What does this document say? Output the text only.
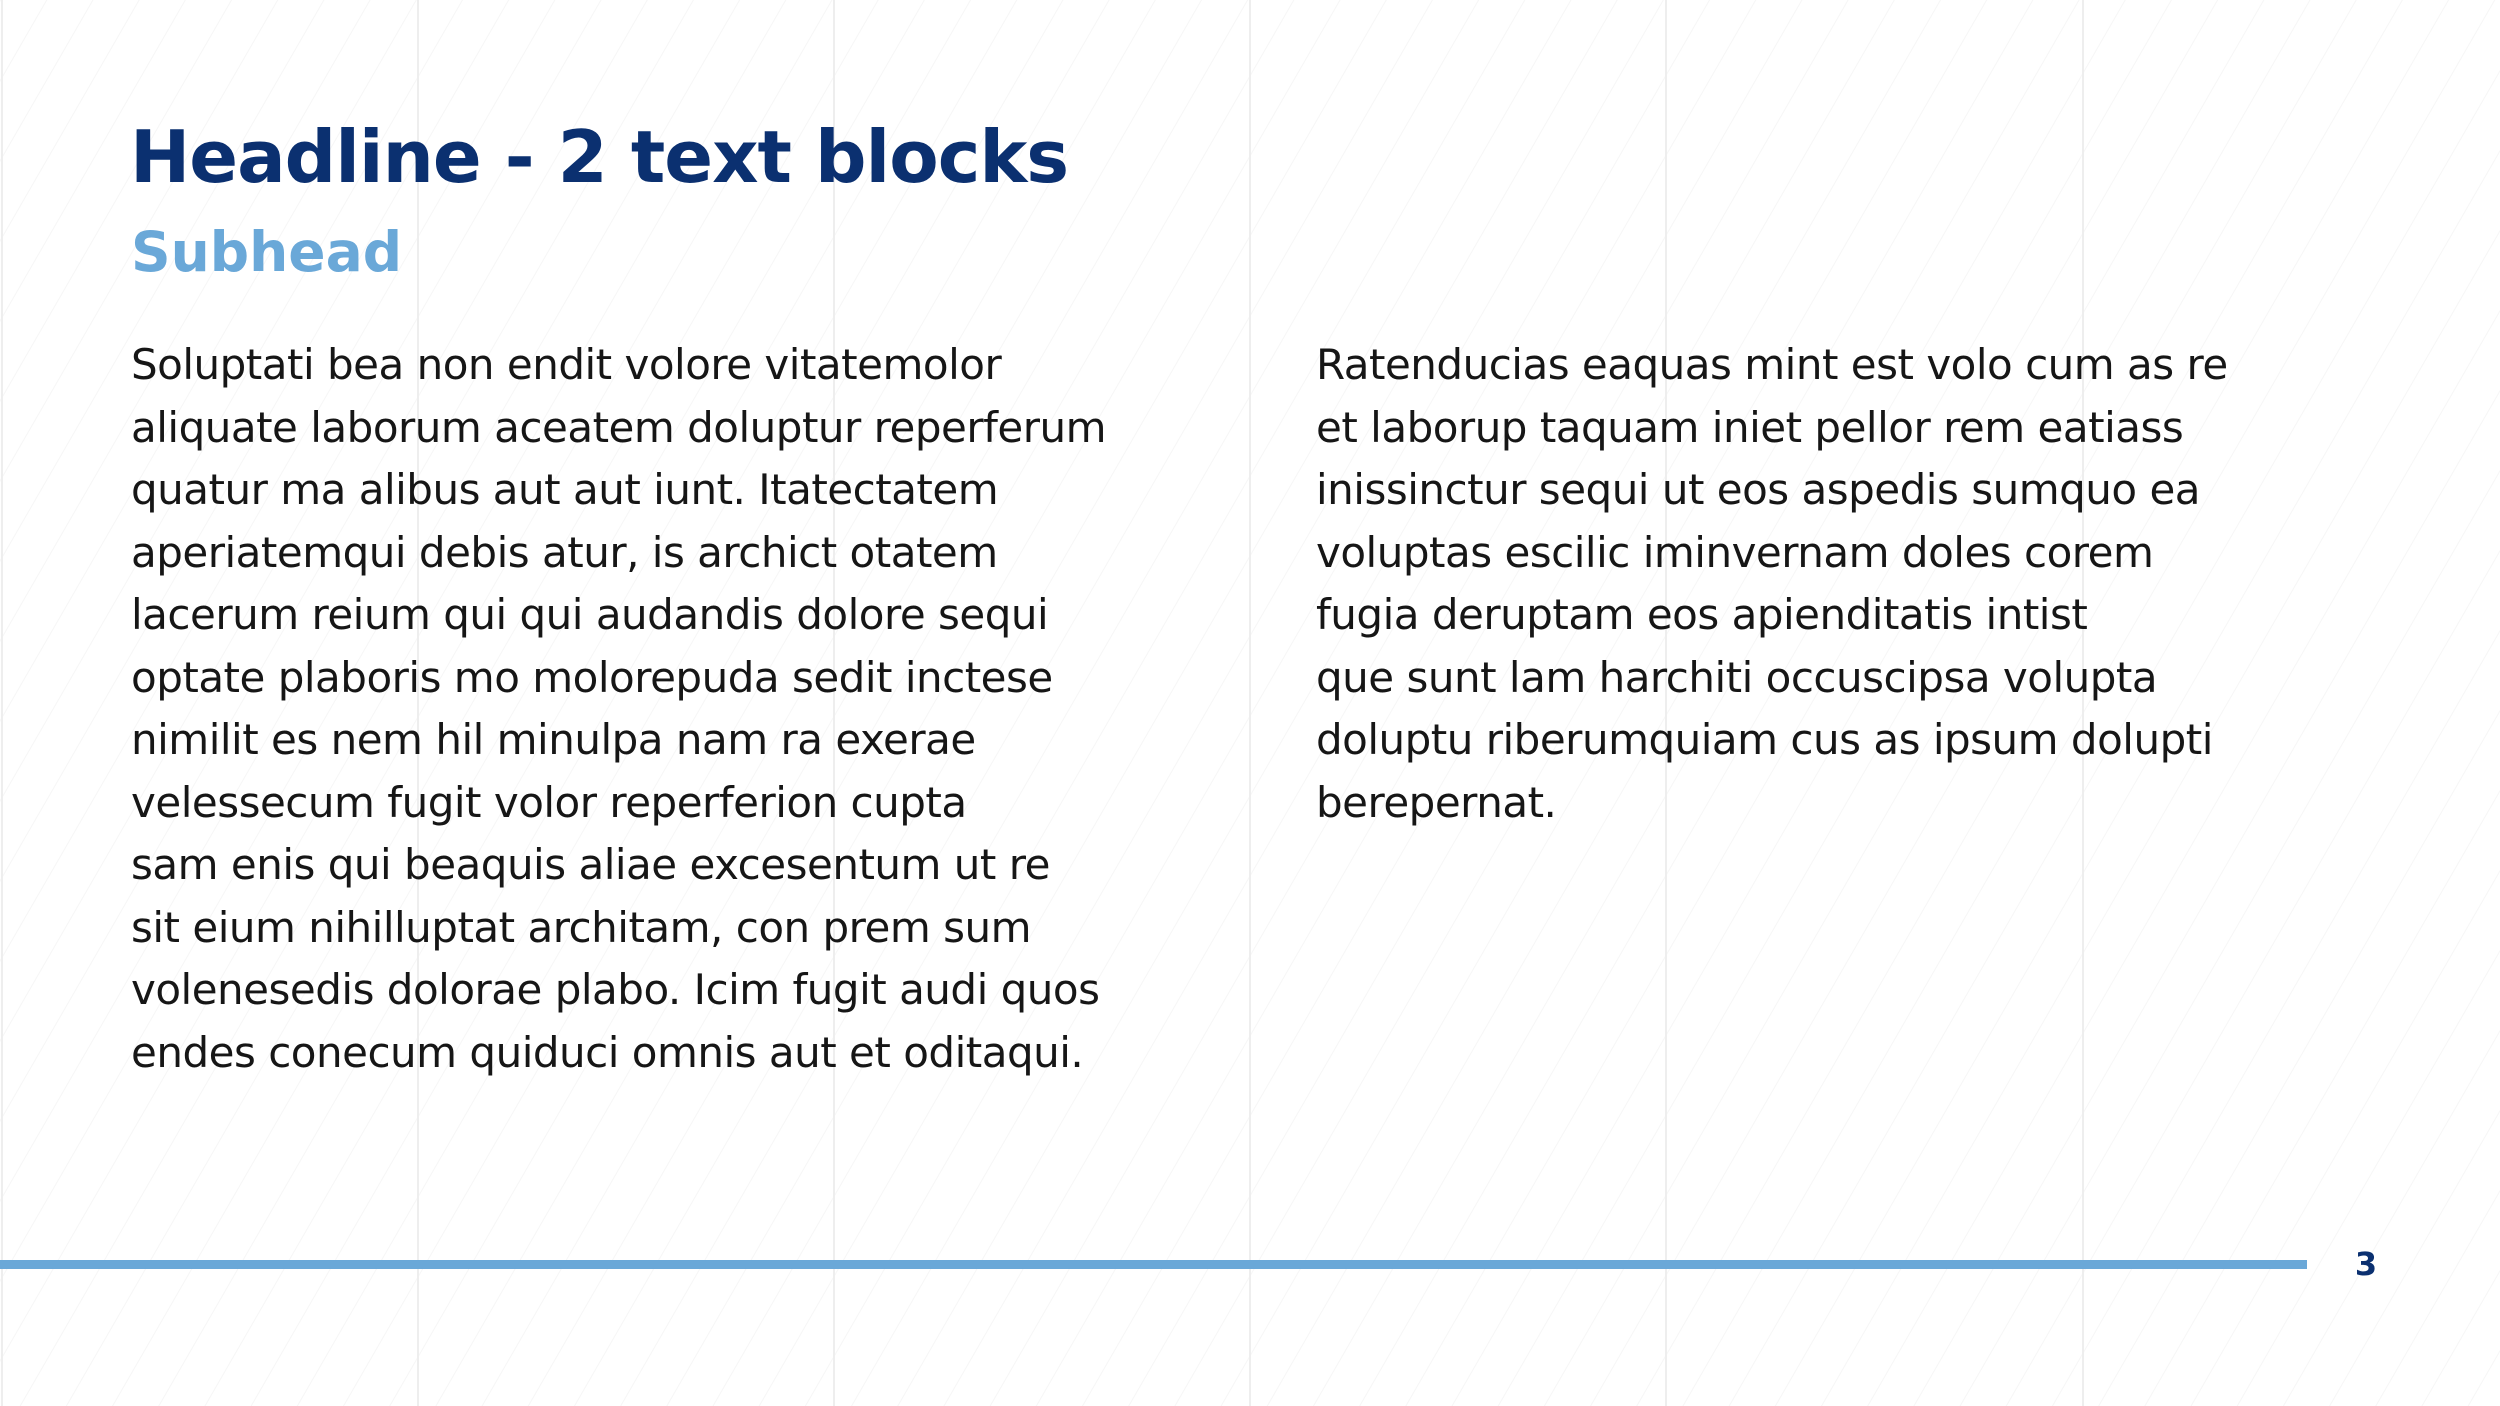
Headline - 2 text blocks
Subhead
Soluptati bea non endit volore vitatemolor
aliquate laborum aceatem doluptur reperferum
quatur ma alibus aut aut iunt. Itatectatem
aperiatemqui debis atur, is archict otatem
lacerum reium qui qui audandis dolore sequi
optate plaboris mo molorepuda sedit inctese
nimilit es nem hil minulpa nam ra exerae
velessecum fugit volor reperferion cupta
sam enis qui beaquis aliae excesentum ut re
sit eium nihilluptat architam, con prem sum
volenesedis dolorae plabo. Icim fugit audi quos
endes conecum quiduci omnis aut et oditaqui.
Ratenducias eaquas mint est volo cum as re
et laborup taquam iniet pellor rem eatiass
inissinctur sequi ut eos aspedis sumquo ea
voluptas escilic iminvernam doles corem
fugia deruptam eos apienditatis intist
que sunt lam harchiti occuscipsa volupta
doluptu riberumquiam cus as ipsum dolupti
berepernat.
3
